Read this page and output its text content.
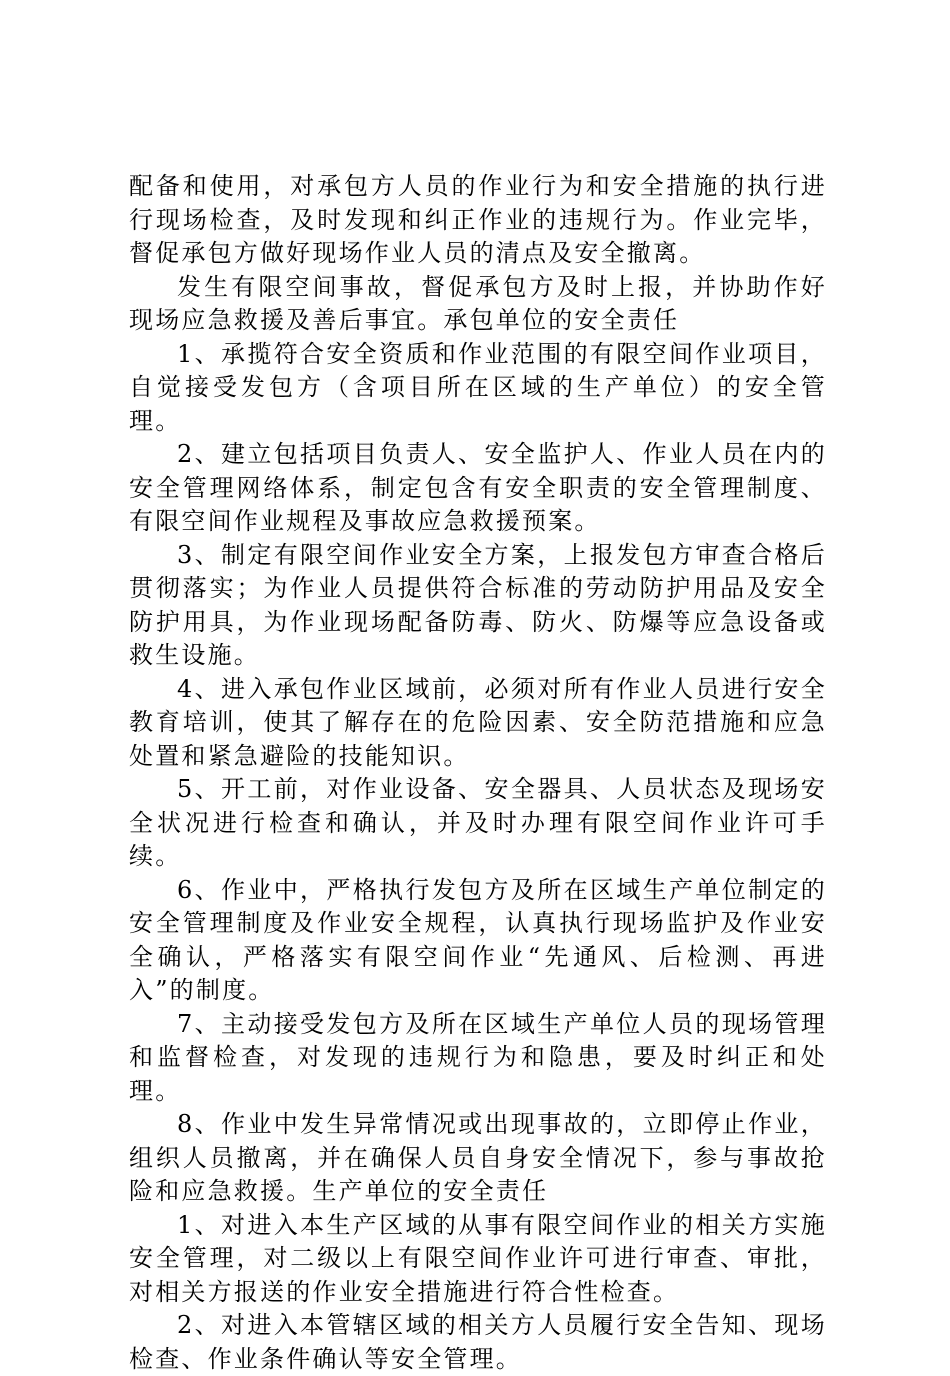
配备和使用，对承包方人员的作业行为和安全措施的执行进行现场检查，及时发现和纠正作业的违规行为。作业完毕，督促承包方做好现场作业人员的清点及安全撤离。

发生有限空间事故，督促承包方及时上报，并协助作好现场应急救援及善后事宜。承包单位的安全责任

1、承揽符合安全资质和作业范围的有限空间作业项目，自觉接受发包方（含项目所在区域的生产单位）的安全管理。

2、建立包括项目负责人、安全监护人、作业人员在内的安全管理网络体系，制定包含有安全职责的安全管理制度、有限空间作业规程及事故应急救援预案。

3、制定有限空间作业安全方案，上报发包方审查合格后贯彻落实；为作业人员提供符合标准的劳动防护用品及安全防护用具，为作业现场配备防毒、防火、防爆等应急设备或救生设施。

4、进入承包作业区域前，必须对所有作业人员进行安全教育培训，使其了解存在的危险因素、安全防范措施和应急处置和紧急避险的技能知识。

5、开工前，对作业设备、安全器具、人员状态及现场安全状况进行检查和确认，并及时办理有限空间作业许可手续。

6、作业中，严格执行发包方及所在区域生产单位制定的安全管理制度及作业安全规程，认真执行现场监护及作业安全确认，严格落实有限空间作业“先通风、后检测、再进入”的制度。

7、主动接受发包方及所在区域生产单位人员的现场管理和监督检查，对发现的违规行为和隐患，要及时纠正和处理。

8、作业中发生异常情况或出现事故的，立即停止作业，组织人员撤离，并在确保人员自身安全情况下，参与事故抢险和应急救援。生产单位的安全责任

1、对进入本生产区域的从事有限空间作业的相关方实施安全管理，对二级以上有限空间作业许可进行审查、审批，对相关方报送的作业安全措施进行符合性检查。

2、对进入本管辖区域的相关方人员履行安全告知、现场检查、作业条件确认等安全管理。
